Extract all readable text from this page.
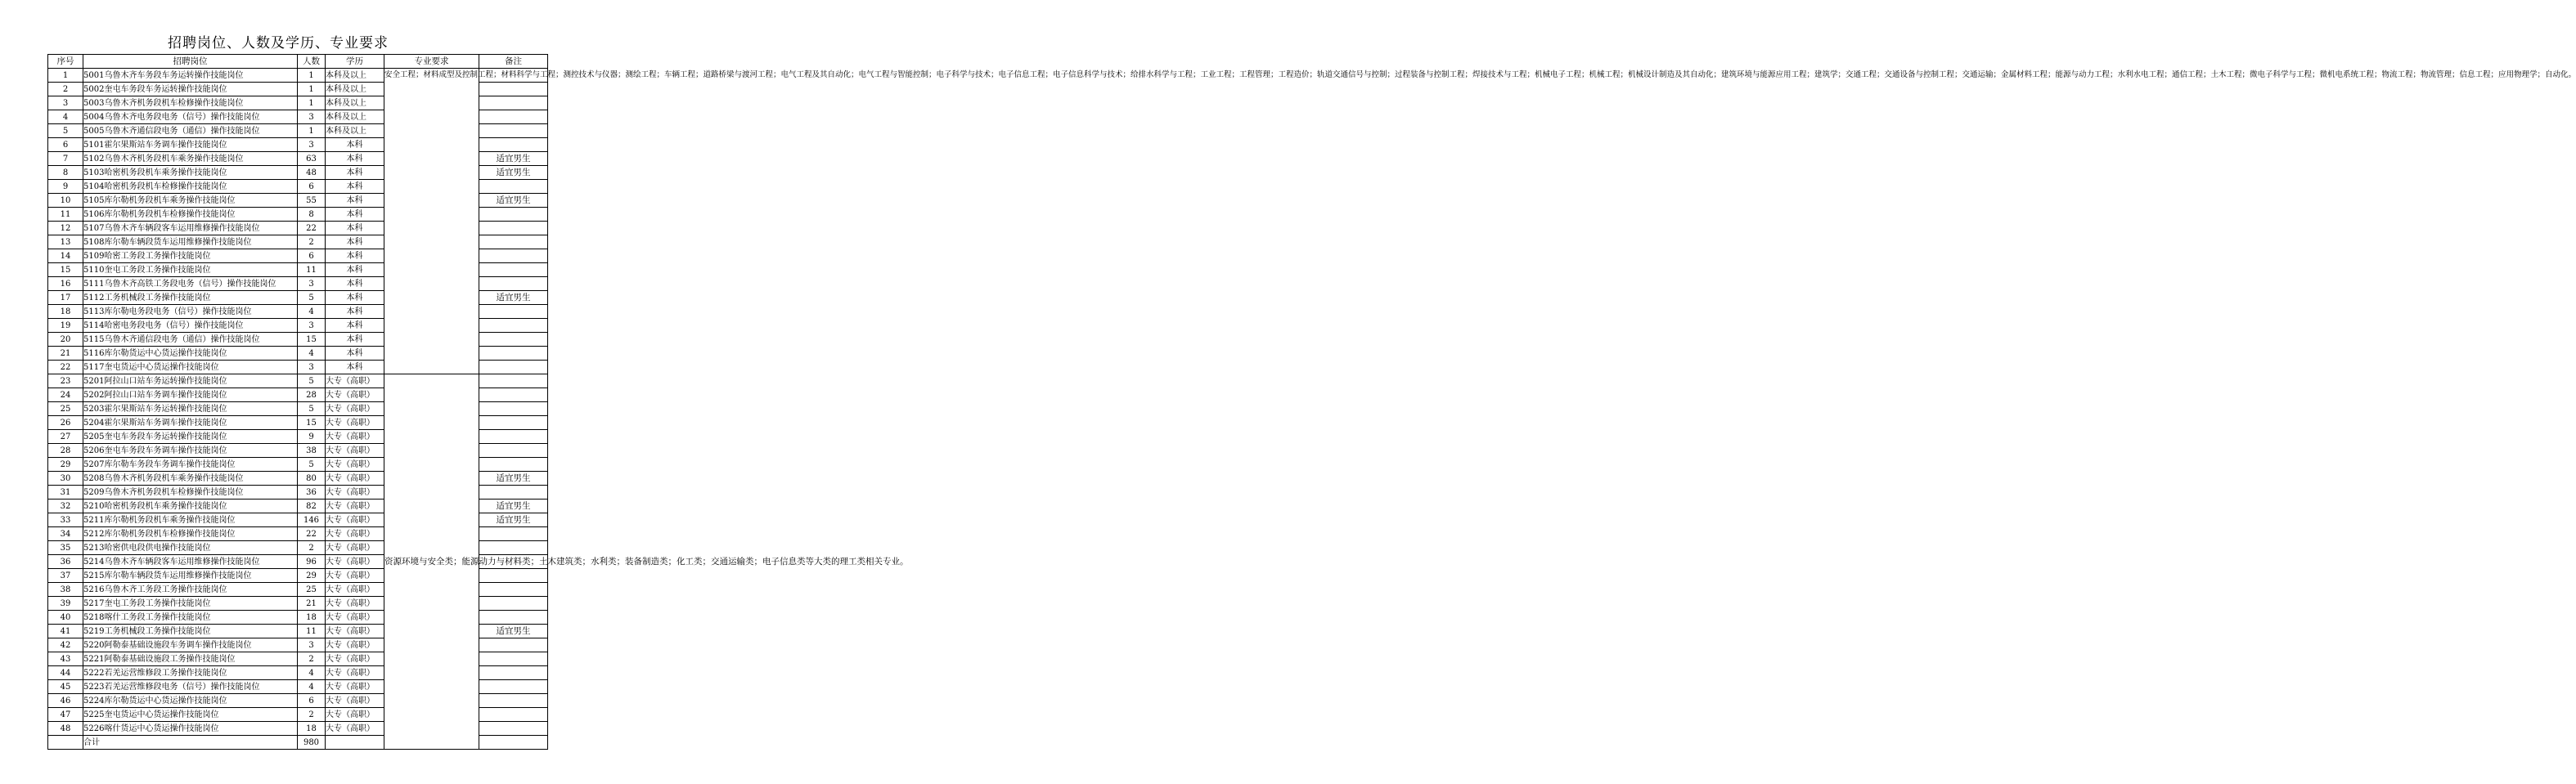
招聘岗位、人数及学历、专业要求
序号	招聘岗位	人数	学历	专业要求	备注
1	5001乌鲁木齐车务段车务运转操作技能岗位	1	本科及以上	安全工程；材料成型及控制工程；材料科学与工程；测控技术与仪器；测绘工程；车辆工程；道路桥梁与渡河工程；电气工程及其自动化；电气工程与智能控制；电子科学与技术；电子信息工程；电子信息科学与技术；给排水科学与工程；工业工程；工程管理；工程造价；轨道交通信号与控制；过程装备与控制工程；焊接技术与工程；机械电子工程；机械工程；机械设计制造及其自动化；建筑环境与能源应用工程；建筑学；交通工程；交通设备与控制工程；交通运输；金属材料工程；能源与动力工程；水利水电工程；通信工程；土木工程；微电子科学与工程；微机电系统工程；物流工程；物流管理；信息工程；应用物理学；自动化。	
2	5002奎屯车务段车务运转操作技能岗位	1	本科及以上		
3	5003乌鲁木齐机务段机车检修操作技能岗位	1	本科及以上		
4	5004乌鲁木齐电务段电务（信号）操作技能岗位	3	本科及以上		
5	5005乌鲁木齐通信段电务（通信）操作技能岗位	1	本科及以上		
6	5101霍尔果斯站车务调车操作技能岗位	3	本科		
7	5102乌鲁木齐机务段机车乘务操作技能岗位	63	本科		适宜男生
8	5103哈密机务段机车乘务操作技能岗位	48	本科		适宜男生
9	5104哈密机务段机车检修操作技能岗位	6	本科		
10	5105库尔勒机务段机车乘务操作技能岗位	55	本科		适宜男生
11	5106库尔勒机务段机车检修操作技能岗位	8	本科		
12	5107乌鲁木齐车辆段客车运用维修操作技能岗位	22	本科		
13	5108库尔勒车辆段货车运用维修操作技能岗位	2	本科		
14	5109哈密工务段工务操作技能岗位	6	本科		
15	5110奎屯工务段工务操作技能岗位	11	本科		
16	5111乌鲁木齐高铁工务段电务（信号）操作技能岗位	3	本科		
17	5112工务机械段工务操作技能岗位	5	本科		适宜男生
18	5113库尔勒电务段电务（信号）操作技能岗位	4	本科		
19	5114哈密电务段电务（信号）操作技能岗位	3	本科		
20	5115乌鲁木齐通信段电务（通信）操作技能岗位	15	本科		
21	5116库尔勒货运中心货运操作技能岗位	4	本科		
22	5117奎屯货运中心货运操作技能岗位	3	本科		
23	5201阿拉山口站车务运转操作技能岗位	5	大专（高职）	资源环境与安全类；能源动力与材料类；土木建筑类；水利类；装备制造类；化工类；交通运输类；电子信息类等大类的理工类相关专业。	
24	5202阿拉山口站车务调车操作技能岗位	28	大专（高职）		
25	5203霍尔果斯站车务运转操作技能岗位	5	大专（高职）		
26	5204霍尔果斯站车务调车操作技能岗位	15	大专（高职）		
27	5205奎屯车务段车务运转操作技能岗位	9	大专（高职）		
28	5206奎屯车务段车务调车操作技能岗位	38	大专（高职）		
29	5207库尔勒车务段车务调车操作技能岗位	5	大专（高职）		
30	5208乌鲁木齐机务段机车乘务操作技能岗位	80	大专（高职）		适宜男生
31	5209乌鲁木齐机务段机车检修操作技能岗位	36	大专（高职）		
32	5210哈密机务段机车乘务操作技能岗位	82	大专（高职）		适宜男生
33	5211库尔勒机务段机车乘务操作技能岗位	146	大专（高职）		适宜男生
34	5212库尔勒机务段机车检修操作技能岗位	22	大专（高职）		
35	5213哈密供电段供电操作技能岗位	2	大专（高职）		
36	5214乌鲁木齐车辆段客车运用维修操作技能岗位	96	大专（高职）		
37	5215库尔勒车辆段货车运用维修操作技能岗位	29	大专（高职）		
38	5216乌鲁木齐工务段工务操作技能岗位	25	大专（高职）		
39	5217奎屯工务段工务操作技能岗位	21	大专（高职）		
40	5218喀什工务段工务操作技能岗位	18	大专（高职）		
41	5219工务机械段工务操作技能岗位	11	大专（高职）		适宜男生
42	5220阿勒泰基础设施段车务调车操作技能岗位	3	大专（高职）		
43	5221阿勒泰基础设施段工务操作技能岗位	2	大专（高职）		
44	5222若羌运营维修段工务操作技能岗位	4	大专（高职）		
45	5223若羌运营维修段电务（信号）操作技能岗位	4	大专（高职）		
46	5224库尔勒货运中心货运操作技能岗位	6	大专（高职）		
47	5225奎屯货运中心货运操作技能岗位	2	大专（高职）		
48	5226喀什货运中心货运操作技能岗位	18	大专（高职）		
	合计	980			
